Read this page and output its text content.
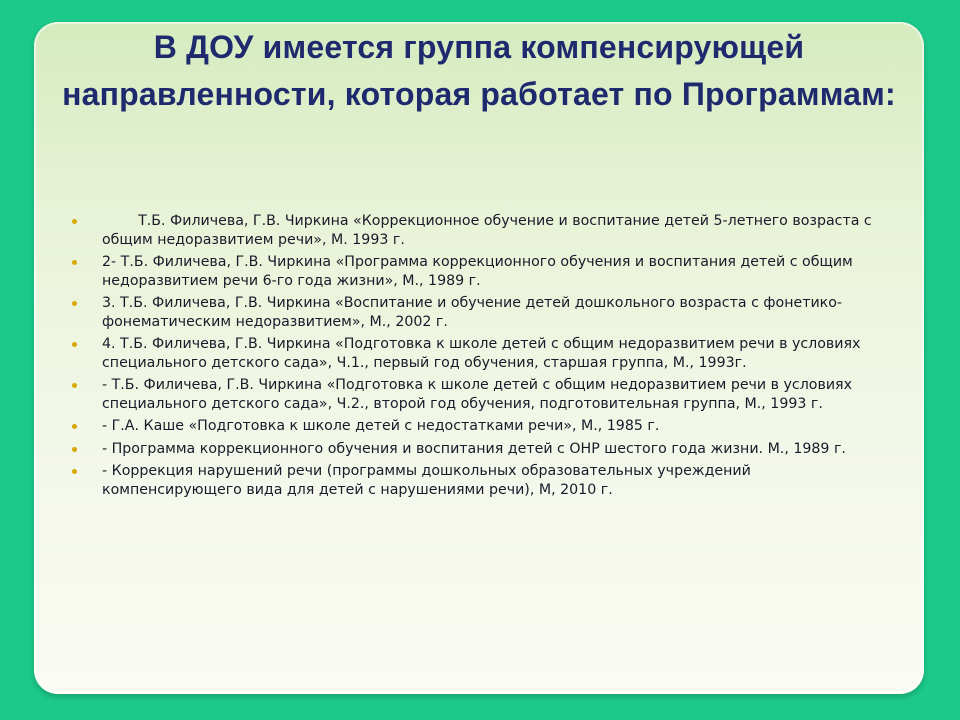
В ДОУ имеется группа компенсирующей направленности, которая работает по Программам:
Т.Б. Филичева, Г.В. Чиркина «Коррекционное обучение и воспитание детей 5-летнего возраста с общим недоразвитием речи», М. 1993 г.
2- Т.Б. Филичева, Г.В. Чиркина «Программа коррекционного обучения и воспитания детей с общим недоразвитием речи 6-го года жизни», М., 1989 г.
3. Т.Б. Филичева, Г.В. Чиркина «Воспитание и обучение детей дошкольного возраста с фонетико-фонематическим недоразвитием», М., 2002 г.
4. Т.Б. Филичева, Г.В. Чиркина «Подготовка к школе детей с общим недоразвитием речи в условиях специального детского сада», Ч.1., первый год обучения, старшая группа, М., 1993г.
- Т.Б. Филичева, Г.В. Чиркина «Подготовка к школе детей с общим недоразвитием речи в условиях специального детского сада», Ч.2., второй год обучения, подготовительная группа, М., 1993 г.
- Г.А. Каше «Подготовка к школе детей с недостатками речи», М., 1985 г.
- Программа коррекционного обучения и воспитания детей с ОНР шестого года жизни. М., 1989 г.
- Коррекция нарушений речи (программы дошкольных образовательных учреждений компенсирующего вида для детей с нарушениями речи), М, 2010 г.
